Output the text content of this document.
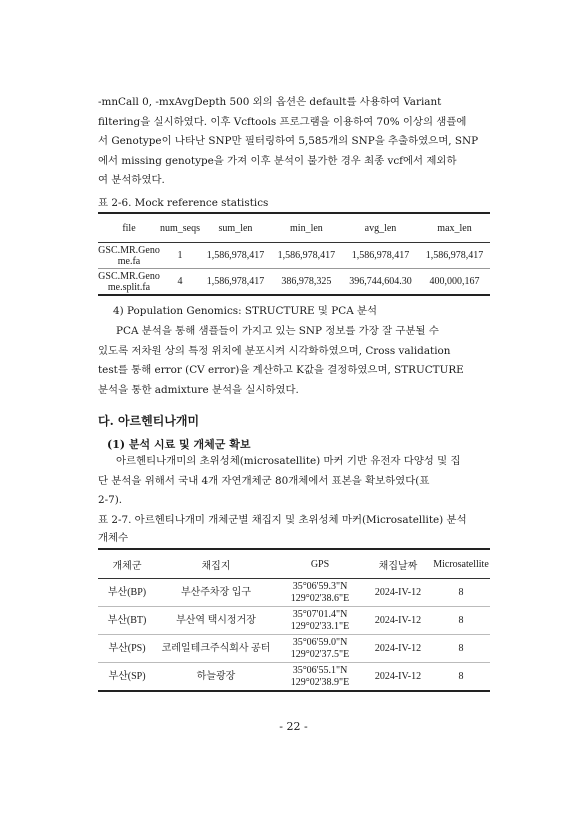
-mnCall 0, -mxAvgDepth 500 외의 옵션은 default를 사용하여 Variant
filtering을 실시하였다. 이후 Vcftools 프로그램을 이용하여 70% 이상의 샘플에
서 Genotype이 나타난 SNP만 필터링하여 5,585개의 SNP을 추출하였으며, SNP
에서 missing genotype을 가져 이후 분석이 불가한 경우 최종 vcf에서 제외하
여 분석하였다.
표 2-6. Mock reference statistics
file	num_seqs	sum_len	min_len	avg_len	max_len
GSC.MR.Genome.fa	1	1,586,978,417	1,586,978,417	1,586,978,417	1,586,978,417
GSC.MR.Genome.split.fa	4	1,586,978,417	386,978,325	396,744,604.30	400,000,167
4) Population Genomics: STRUCTURE 및 PCA 분석
PCA 분석을 통해 샘플들이 가지고 있는 SNP 정보를 가장 잘 구분될 수
있도록 저차원 상의 특정 위치에 분포시켜 시각화하였으며, Cross validation
test를 통해 error (CV error)을 계산하고 K값을 결정하였으며, STRUCTURE
분석을 통한 admixture 분석을 실시하였다.
다. 아르헨티나개미
(1) 분석 시료 및 개체군 확보
아르헨티나개미의 초위성체(microsatellite) 마커 기반 유전자 다양성 및 집
단 분석을 위해서 국내 4개 자연개체군 80개체에서 표본을 확보하였다(표
2-7).
표 2-7. 아르헨티나개미 개체군별 채집지 및 초위성체 마커(Microsatellite) 분석
개체수
개체군	채집지	GPS	채집날짜	Microsatellite
부산(BP)	부산주차장 입구	35°06'59.3"N
129°02'38.6"E	2024-IV-12	8
부산(BT)	부산역 택시정거장	35°07'01.4"N
129°02'33.1"E	2024-IV-12	8
부산(PS)	코레일테크주식회사 공터	35°06'59.0"N
129°02'37.5"E	2024-IV-12	8
부산(SP)	하늘광장	35°06'55.1"N
129°02'38.9"E	2024-IV-12	8
- 22 -
